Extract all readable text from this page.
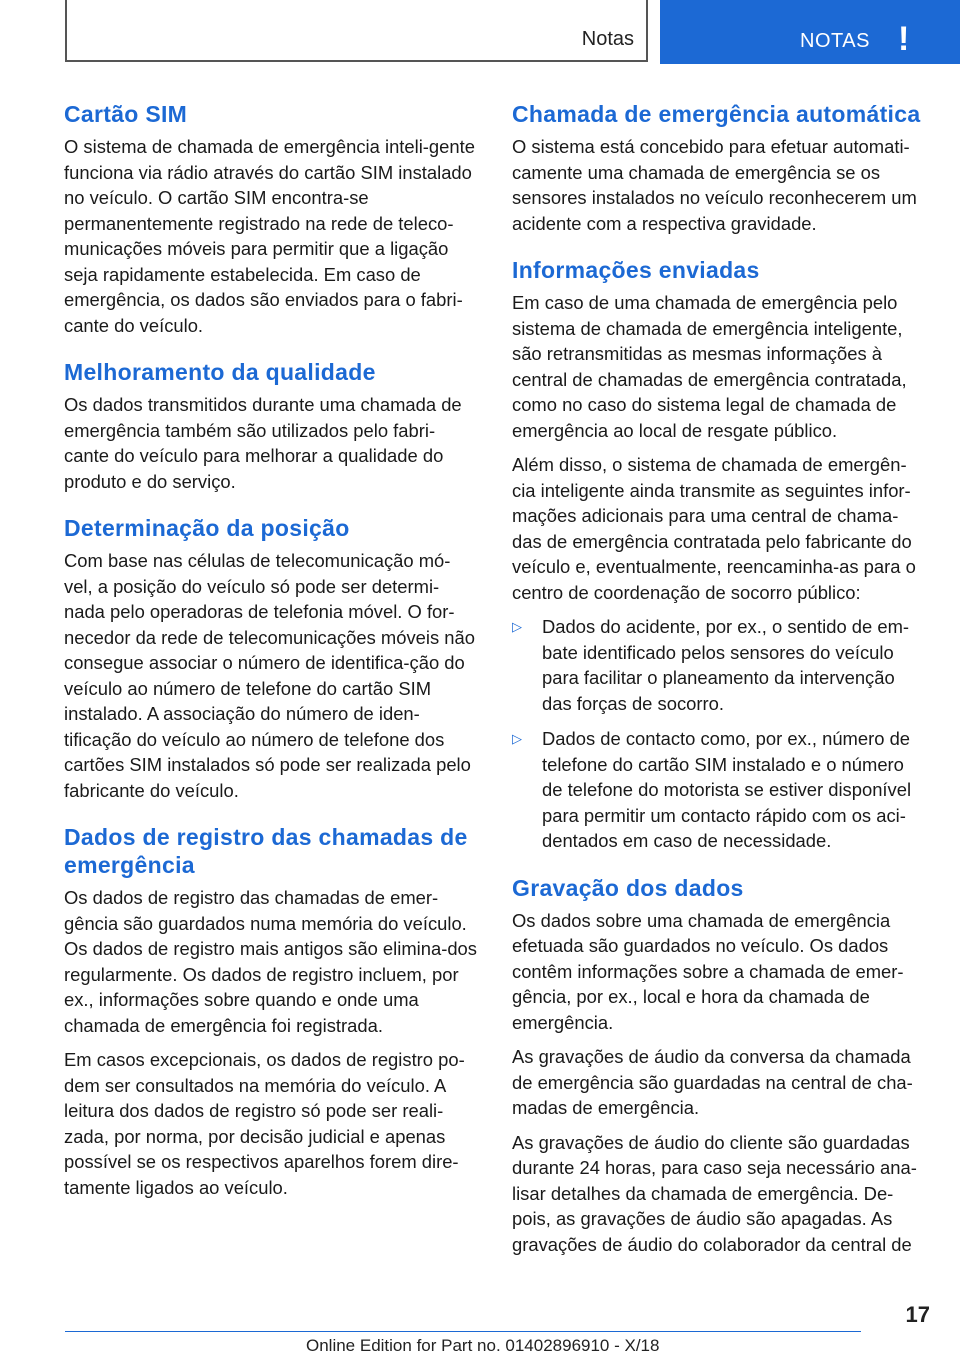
Notas	NOTAS !
Cartão SIM

O sistema de chamada de emergência inteli-gente funciona via rádio através do cartão SIM instalado no veículo. O cartão SIM encontra-se permanentemente registrado na rede de teleco-municações móveis para permitir que a ligação seja rapidamente estabelecida. Em caso de emergência, os dados são enviados para o fabri-cante do veículo.

Melhoramento da qualidade

Os dados transmitidos durante uma chamada de emergência também são utilizados pelo fabri-cante do veículo para melhorar a qualidade do produto e do serviço.

Determinação da posição

Com base nas células de telecomunicação mó-vel, a posição do veículo só pode ser determi-nada pelo operadoras de telefonia móvel. O for-necedor da rede de telecomunicações móveis não consegue associar o número de identifica-ção do veículo ao número de telefone do cartão SIM instalado. A associação do número de iden-tificação do veículo ao número de telefone dos cartões SIM instalados só pode ser realizada pelo fabricante do veículo.

Dados de registro das chamadas de emergência

Os dados de registro das chamadas de emer-gência são guardados numa memória do veículo. Os dados de registro mais antigos são elimina-dos regularmente. Os dados de registro incluem, por ex., informações sobre quando e onde uma chamada de emergência foi registrada.

Em casos excepcionais, os dados de registro po-dem ser consultados na memória do veículo. A leitura dos dados de registro só pode ser reali-zada, por norma, por decisão judicial e apenas possível se os respectivos aparelhos forem dire-tamente ligados ao veículo.

Chamada de emergência automática

O sistema está concebido para efetuar automati-camente uma chamada de emergência se os sensores instalados no veículo reconhecerem um acidente com a respectiva gravidade.

Informações enviadas

Em caso de uma chamada de emergência pelo sistema de chamada de emergência inteligente, são retransmitidas as mesmas informações à central de chamadas de emergência contratada, como no caso do sistema legal de chamada de emergência ao local de resgate público.

Além disso, o sistema de chamada de emergên-cia inteligente ainda transmite as seguintes infor-mações adicionais para uma central de chama-das de emergência contratada pelo fabricante do veículo e, eventualmente, reencaminha-as para o centro de coordenação de socorro público:

▷ Dados do acidente, por ex., o sentido de em-bate identificado pelos sensores do veículo para facilitar o planeamento da intervenção das forças de socorro.
▷ Dados de contacto como, por ex., número de telefone do cartão SIM instalado e o número de telefone do motorista se estiver disponível para permitir um contacto rápido com os aci-dentados em caso de necessidade.
Gravação dos dados

Os dados sobre uma chamada de emergência efetuada são guardados no veículo. Os dados contêm informações sobre a chamada de emer-gência, por ex., local e hora da chamada de emergência.

As gravações de áudio da conversa da chamada de emergência são guardadas na central de cha-madas de emergência.

As gravações de áudio do cliente são guardadas durante 24 horas, para caso seja necessário ana-lisar detalhes da chamada de emergência. De-pois, as gravações de áudio são apagadas. As gravações de áudio do colaborador da central de

17
Online Edition for Part no. 01402896910 - X/18
